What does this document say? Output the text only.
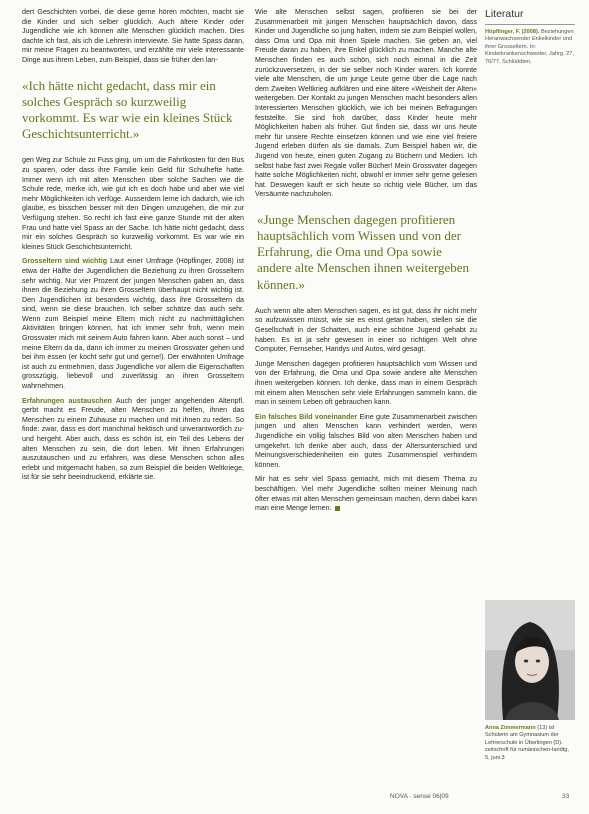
dert Geschichten vorbei, die diese gerne hören möchten, macht sie die Kinder und sich selber glücklich. Auch ältere Kinder oder Jugendliche wie ich können alte Menschen glücklich machen. Dies dachte ich fast, als ich die Lehrerin interviewte. Sie hatte Spass daran, mir meine Fragen zu beantworten, und erzählte mir viele interessante Dinge aus ihrem Leben, zum Beispiel, dass sie früher den lan-

«Ich hätte nicht gedacht, dass mir ein solches Gespräch so kurzweilig vorkommt. Es war wie ein kleines Stück Geschichtsunterricht.»

gen Weg zur Schule zu Fuss ging, um um die Fahrtkosten für den Bus zu sparen, oder dass ihre Familie kein Geld für Schulhefte hatte. Immer wenn ich mit alten Menschen über solche Sachen wie die Schule rede, merke ich, wie gut ich es doch habe und aber wie viel mehr Möglichkeiten ich verfüge. Ausserdem lerne ich dadurch, wie ich glaube, es bisschen besser mit den Dingen umzugehen, die mir zur Verfügung stehen. So recht ich fast eine ganze Stunde mit der alten Frau und hatte viel Spass an der Sache. Ich hätte nicht gedacht, dass mir ein solches Gespräch so kurzweilig vorkommt. Es war wie ein kleines Stück Geschichtsunterricht.

Grosseltern sind wichtig Laut einer Umfrage (Höpflinger, 2008) ist etwa der Hälfte der Jugendlichen die Beziehung zu ihren Grosseltern sehr wichtig. Nur vier Prozent der jungen Menschen gaben an, dass ihnen die Beziehung zu ihren Grosseltern überhaupt nicht wichtig ist. Den Jugendlichen ist besonders wichtig, dass ihre Grosseltern da sind, wenn sie diese brauchen. Ich selber schätze das auch sehr. Wenn zum Beispiel meine Eltern mich nicht zu nachmittäglichen Aktivitäten bringen können, hat ich immer sehr froh, wenn mein Grossvater mich mit seinem Auto fahren kann. Aber auch sonst – und meine Eltern da da, dann ich immer zu meinen Grossvater gehen und bei ihm essen (er kocht sehr gut und gerne!). Der erwähnten Umfrage ist auch zu entnehmen, dass Jugendliche vor allem die Eigenschaften grosszügig, liebevoll und zuverlässig an ihren Grosseltern wahrnehmen.

Erfahrungen austauschen Auch der junger angehenden Altenpfl. gerbt macht es Freude, alten Menschen zu helfen, ihnen das Menschen zu einem Zuhause zu machen und mit ihnen zu reden. So finde: zwar, dass es dort manchmal hektisch und unverantwortlich zu- und hergeht. Aber auch, dass es schön ist, ein Teil des Lebens der alten Menschen zu sein, die dort leben. Mit ihnen Erfahrungen auszutauschen und zu erfahren, was diese Menschen schon alles erlebt und mitgemacht haben, so zum Beispiel die beiden Weltkriege, ist für sie sehr beeindruckend, erklärte sie.

Wie alte Menschen selbst sagen, profitieren sie bei der Zusammenarbeit mit jungen Menschen hauptsächlich davon, dass Kinder und Jugendliche so jung halten, indem sie zum Beispiel wollen, dass Oma und Opa mit ihnen Spiele machen. Sie geben an, viel Freude daran zu haben, ihre Enkel glücklich zu machen. Manche alte Menschen finden es auch schön, sich noch einmal in die Zeit zurückzuversetzen, in der sie selber noch Kinder waren. Ich konnte viele alte Menschen, die um junge Leute gerne über die Lage nach dem Zweiten Weltkrieg aufklären und eine ältere «Weisheit der Alten» weitergeben. Der Kontakt zu jungen Menschen macht besonders allen Interessierten Menschen glücklich, wie ich bei meinen Befragungen feststellte. Sie sind froh darüber, dass Kinder heute mehr Möglichkeiten haben als früher. Gut finden sie, dass wir uns heute mehr für unsere Rechte einsetzen können und wie eine viel freiere Jugend erleben dürfen als sie damals. Zum Beispiel haben wir, die Jugend von heute, einen guten Zugang zu Büchern und Medien. Ich selbst habe fast zwei Regale voller Bücher! Mein Grossvater dagegen hatte solche Möglichkeiten nicht, obwohl er immer sehr gerne gelesen hat. Deswegen kauft er sich heute so richtig viele Bücher, um das Versäumte nachzuholen.

«Junge Menschen dagegen profitieren hauptsächlich vom Wissen und von der Erfahrung, die Oma und Opa sowie andere alte Menschen ihnen weitergeben können.»

Auch wenn alte alten Menschen sagen, es ist gut, dass ihr nicht mehr so aufzuwissen müsst, wie sie es einst getan haben, stellen sie die Gesellschaft in der Schatten, auch eine schöne Jugend gehabt zu haben. Es ist ja sehr gewesen in einer so richtigen Welt ohne Computer, Fernseher, Handys und Autos, wird gesagt.

Junge Menschen dagegen profitieren hauptsächlich vom Wissen und von der Erfahrung, die Oma und Opa sowie andere alte Menschen ihnen weitergeben können. Ich denke, dass man in einem Gespräch mit einem alten Menschen sehr viele Erfahrungen sammeln kann, die man in seinem Leben oft gebrauchen kann.

Ein falsches Bild voneinander Eine gute Zusammenarbeit zwischen jungen und alten Menschen kann verhindert werden, wenn Jugendliche ein völlig falsches Bild von alten Menschen haben und umgekehrt. Ich denke aber auch, dass der Altersunterschied und Meinungsverschiedenheiten ein gutes Zusammenspiel verhindern können.

Mir hat es sehr viel Spass gemacht, mich mit diesem Thema zu beschäftigen. Viel mehr Jugendliche sollten meiner Meinung nach öfter etwas mit alten Menschen gemeinsam machen, denn dabei kann man eine Menge lernen.

Literatur
Höpflinger, F. (2008). Beziehungen Heranwachsender Enkelkinder und ihrer Grosseltern. In: Kinderkrankenschwester, Jahrg. 27, 76/77. Schlüddten.
Anna Zimmermann (13) ist Schülerin am Gymnasium der Lehrerschule in Überlingen (D). zeitschrift für rumänischen-landtg, 5, juni 3
NOVA · sense 06|09	33
